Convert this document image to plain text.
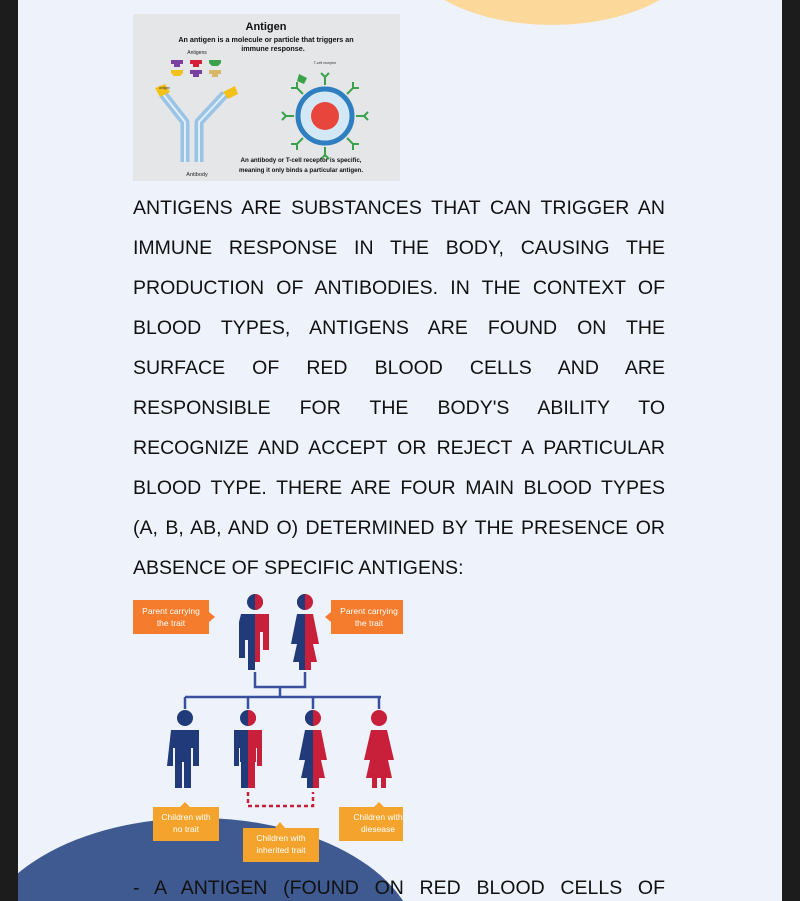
Antigen
An antigen is a molecule or particle that triggers an
immune response.
Antigens
Antigen
Antibody
T-cell receptor
An antibody or T-cell receptor is specific,
meaning it only binds a particular antigen.

ANTIGENS ARE SUBSTANCES THAT CAN TRIGGER AN IMMUNE RESPONSE IN THE BODY, CAUSING THE PRODUCTION OF ANTIBODIES. IN THE CONTEXT OF BLOOD TYPES, ANTIGENS ARE FOUND ON THE SURFACE OF RED BLOOD CELLS AND ARE RESPONSIBLE FOR THE BODY'S ABILITY TO RECOGNIZE AND ACCEPT OR REJECT A PARTICULAR BLOOD TYPE. THERE ARE FOUR MAIN BLOOD TYPES (A, B, AB, AND O) DETERMINED BY THE PRESENCE OR ABSENCE OF SPECIFIC ANTIGENS:

Parent carrying
the trait
Parent carrying
the trait
Children with
no trait
Children with
inherited trait
Children with
diesease

- A ANTIGEN (FOUND ON RED BLOOD CELLS OF
